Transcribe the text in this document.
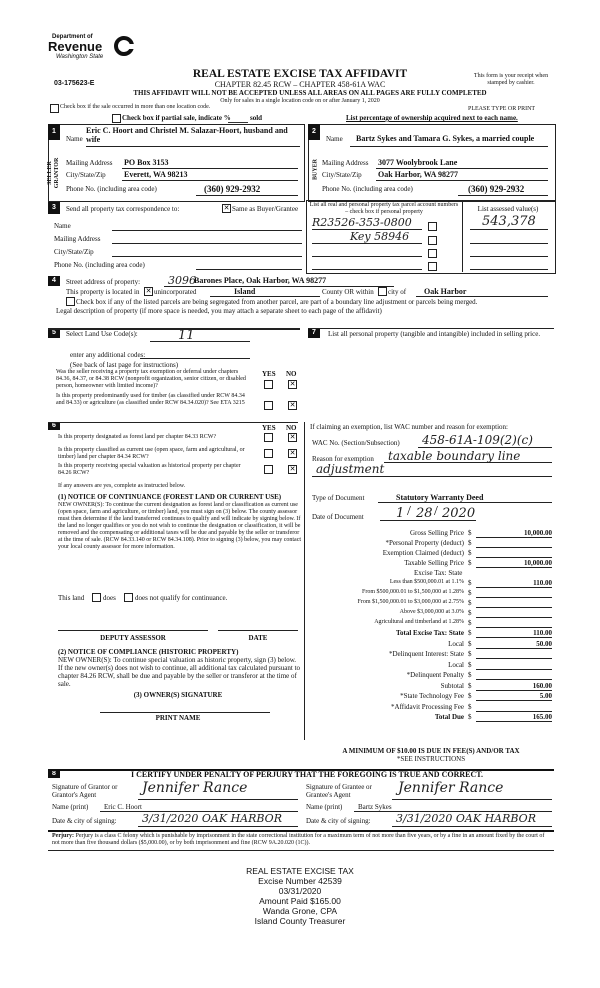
Department of
Revenue
Washington State
03-175623-E
REAL ESTATE EXCISE TAX AFFIDAVIT
CHAPTER 82.45 RCW – CHAPTER 458-61A WAC
THIS AFFIDAVIT WILL NOT BE ACCEPTED UNLESS ALL AREAS ON ALL PAGES ARE FULLY COMPLETED
Only for sales in a single location code on or after January 1, 2020
This form is your receipt when stamped by cashier.
PLEASE TYPE OR PRINT
Check box if the sale occurred in more than one location code.
Check box if partial sale, indicate %	sold	List percentage of ownership acquired next to each name.
1	2
SELLER GRANTOR	BUYER
Name
Eric C. Hoort and Christel M. Salazar-Hoort, husband and wife
Mailing Address PO Box 3153
City/State/Zip Everett, WA 98213
Phone No. (including area code)	(360) 929-2932
Name Bartz Sykes and Tamara G. Sykes, a married couple
Mailing Address 3077 Woolybrook Lane
City/State/Zip Oak Harbor, WA 98277
Phone No. (including area code)	(360) 929-2932
3	Send all property tax correspondence to:	✕ Same as Buyer/Grantee
Name
Mailing Address
City/State/Zip
Phone No. (including area code)
List all real and personal property tax parcel account numbers – check box if personal property	List assessed value(s)
R23526-353-0800
Key 58946
543,378
4	Street address of property:	3096
Barones Place, Oak Harbor, WA 98277
This property is located in ✕ unincorporated	Island	County OR within city of Oak Harbor
Check box if any of the listed parcels are being segregated from another parcel, are part of a boundary line adjustment or parcels being merged.
Legal description of property (if more space is needed, you may attach a separate sheet to each page of the affidavit)
5	Select Land Use Code(s):	11
enter any additional codes:
(See back of last page for instructions)
YES NO
Was the seller receiving a property tax exemption or deferral under chapters 84.36, 84.37, or 84.38 RCW (nonprofit organization, senior citizen, or disabled person, homeowner with limited income)?	✕
Is this property predominantly used for timber (as classified under RCW 84.34 and 84.33) or agriculture (as classified under RCW 84.34.020)? See ETA 3215	✕
7	List all personal property (tangible and intangible) included in selling price.
6	YES NO
Is this property designated as forest land per chapter 84.33 RCW?	✕
Is this property classified as current use (open space, farm and agricultural, or timber) land per chapter 84.34 RCW?	✕
Is this property receiving special valuation as historical property per chapter 84.26 RCW?	✕
If any answers are yes, complete as instructed below.
(1) NOTICE OF CONTINUANCE (FOREST LAND OR CURRENT USE)
NEW OWNER(S): To continue the current designation as forest land or classification as current use (open space, farm and agriculture, or timber) land, you must sign on (3) below. The county assessor must then determine if the land transferred continues to qualify and will indicate by signing below. If the land no longer qualifies or you do not wish to continue the designation or classification, it will be removed and the compensating or additional taxes will be due and payable by the seller or transferor at the time of sale. (RCW 84.33.140 or RCW 84.34.108). Prior to signing (3) below, you may contact your local county assessor for more information.
This land	does	does not qualify for continuance.
DEPUTY ASSESSOR	DATE
(2) NOTICE OF COMPLIANCE (HISTORIC PROPERTY)
NEW OWNER(S): To continue special valuation as historic property, sign (3) below. If the new owner(s) does not wish to continue, all additional tax calculated pursuant to chapter 84.26 RCW, shall be due and payable by the seller or transferor at the time of sale.
(3) OWNER(S) SIGNATURE
PRINT NAME
If claiming an exemption, list WAC number and reason for exemption:
WAC No. (Section/Subsection) 458-61A-109(2)(c)
Reason for exemption taxable boundary line
adjustment
Type of Document	Statutory Warranty Deed
Date of Document 1 / 28 / 2020
Gross Selling Price $	10,000.00
*Personal Property (deduct) $
Exemption Claimed (deduct) $
Taxable Selling Price $	10,000.00
Excise Tax: State
Less than $500,000.01 at 1.1% $	110.00
From $500,000.01 to $1,500,000 at 1.28% $
From $1,500,000.01 to $3,000,000 at 2.75% $
Above $3,000,000 at 3.0% $
Agricultural and timberland at 1.28% $
Total Excise Tax: State $	110.00
Local $	50.00
*Delinquent Interest: State $
Local $
*Delinquent Penalty $
Subtotal $	160.00
*State Technology Fee $	5.00
*Affidavit Processing Fee $
Total Due $	165.00
A MINIMUM OF $10.00 IS DUE IN FEE(S) AND/OR TAX
*SEE INSTRUCTIONS
8	I CERTIFY UNDER PENALTY OF PERJURY THAT THE FOREGOING IS TRUE AND CORRECT.
Signature of Grantor or Grantor's Agent	Jennifer Rance
Name (print) Eric C. Hoort
Date & city of signing: 3/31/2020 OAK HARBOR
Signature of Grantee or Grantee's Agent	Jennifer Rance
Name (print) Bartz Sykes
Date & city of signing: 3/31/2020 OAK HARBOR
Perjury: Perjury is a class C felony which is punishable by imprisonment in the state correctional institution for a maximum term of not more than five years, or by a fine in an amount fixed by the court of not more than five thousand dollars ($5,000.00), or by both imprisonment and fine (RCW 9A.20.020 (1C)).
REAL ESTATE EXCISE TAX
Excise Number 42539
03/31/2020
Amount Paid $165.00
Wanda Grone, CPA
Island County Treasurer
